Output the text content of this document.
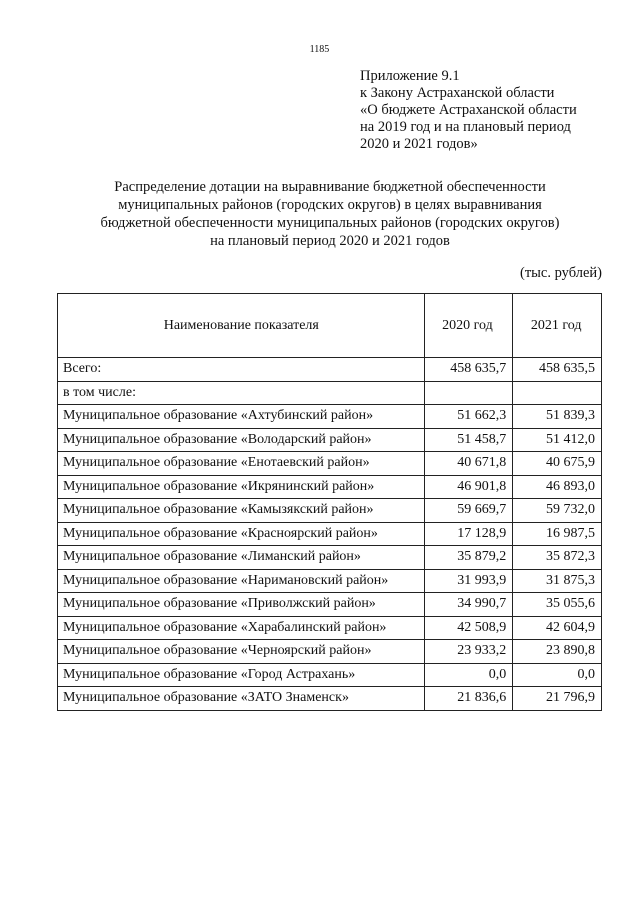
1185
Приложение 9.1
к Закону Астраханской области
«О бюджете Астраханской области
на 2019 год и на плановый период
2020 и 2021 годов»
Распределение дотации на выравнивание бюджетной обеспеченности
муниципальных районов (городских округов) в целях выравнивания
бюджетной обеспеченности муниципальных районов (городских округов)
на плановый период 2020 и 2021 годов
(тыс. рублей)
Наименование показателя	2020 год	2021 год
Всего:	458 635,7	458 635,5
в том числе:		
Муниципальное образование «Ахтубинский район»	51 662,3	51 839,3
Муниципальное образование «Володарский район»	51 458,7	51 412,0
Муниципальное образование «Енотаевский район»	40 671,8	40 675,9
Муниципальное образование «Икрянинский район»	46 901,8	46 893,0
Муниципальное образование «Камызякский район»	59 669,7	59 732,0
Муниципальное образование «Красноярский район»	17 128,9	16 987,5
Муниципальное образование «Лиманский район»	35 879,2	35 872,3
Муниципальное образование «Наримановский район»	31 993,9	31 875,3
Муниципальное образование «Приволжский район»	34 990,7	35 055,6
Муниципальное образование «Харабалинский район»	42 508,9	42 604,9
Муниципальное образование «Черноярский район»	23 933,2	23 890,8
Муниципальное образование «Город Астрахань»	0,0	0,0
Муниципальное образование «ЗАТО Знаменск»	21 836,6	21 796,9
